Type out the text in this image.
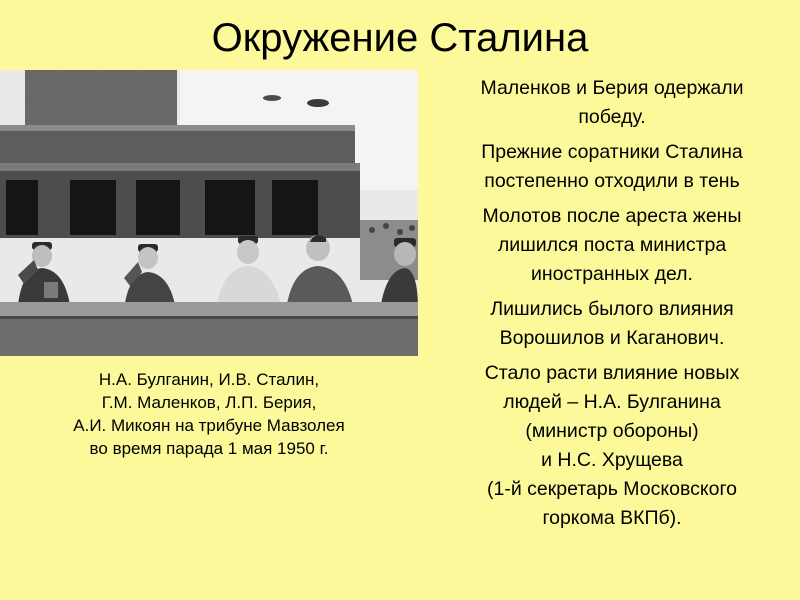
Окружение Сталина
Н.А. Булганин, И.В. Сталин,
Г.М. Маленков, Л.П. Берия,
А.И. Микоян на трибуне Мавзолея
во время парада 1 мая 1950 г.
Маленков и Берия одержали
победу.
Прежние соратники Сталина
постепенно отходили в тень
Молотов после ареста жены
лишился поста министра
иностранных дел.
Лишились былого влияния
Ворошилов и Каганович.
Стало расти влияние новых
людей – Н.А. Булганина
(министр обороны)
и Н.С. Хрущева
(1-й секретарь Московского
горкома ВКПб).
